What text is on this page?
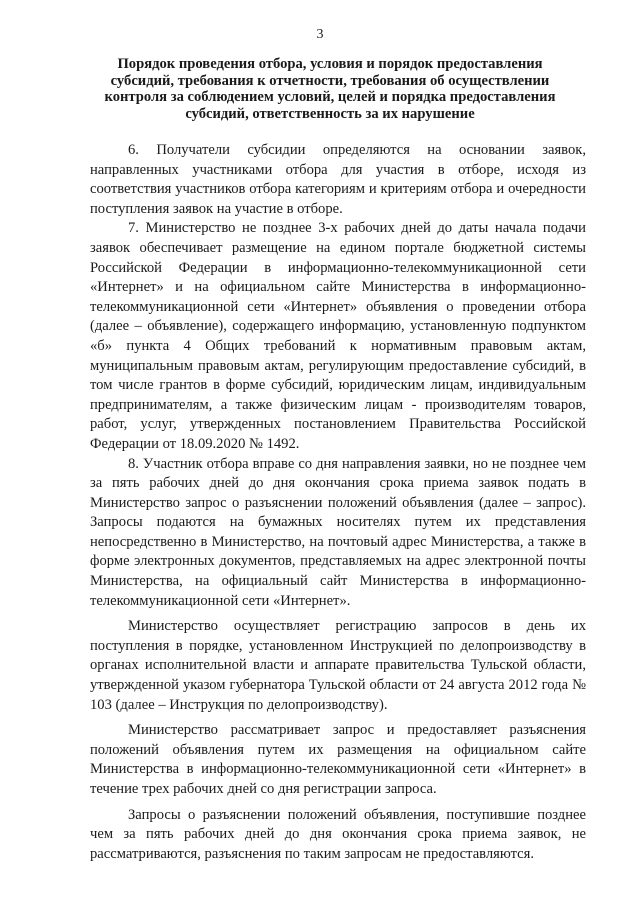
3
Порядок проведения отбора, условия и порядок предоставления субсидий, требования к отчетности, требования об осуществлении контроля за соблюдением условий, целей и порядка предоставления субсидий, ответственность за их нарушение

6. Получатели субсидии определяются на основании заявок, направленных участниками отбора для участия в отборе, исходя из соответствия участников отбора категориям и критериям отбора и очередности поступления заявок на участие в отборе.

7. Министерство не позднее 3-х рабочих дней до даты начала подачи заявок обеспечивает размещение на едином портале бюджетной системы Российской Федерации в информационно-телекоммуникационной сети «Интернет» и на официальном сайте Министерства в информационно-телекоммуникационной сети «Интернет» объявления о проведении отбора (далее – объявление), содержащего информацию, установленную подпунктом «б» пункта 4 Общих требований к нормативным правовым актам, муниципальным правовым актам, регулирующим предоставление субсидий, в том числе грантов в форме субсидий, юридическим лицам, индивидуальным предпринимателям, а также физическим лицам - производителям товаров, работ, услуг, утвержденных постановлением Правительства Российской Федерации от 18.09.2020 № 1492.

8. Участник отбора вправе со дня направления заявки, но не позднее чем за пять рабочих дней до дня окончания срока приема заявок подать в Министерство запрос о разъяснении положений объявления (далее – запрос). Запросы подаются на бумажных носителях путем их представления непосредственно в Министерство, на почтовый адрес Министерства, а также в форме электронных документов, представляемых на адрес электронной почты Министерства, на официальный сайт Министерства в информационно-телекоммуникационной сети «Интернет».

Министерство осуществляет регистрацию запросов в день их поступления в порядке, установленном Инструкцией по делопроизводству в органах исполнительной власти и аппарате правительства Тульской области, утвержденной указом губернатора Тульской области от 24 августа 2012 года № 103 (далее – Инструкция по делопроизводству).

Министерство рассматривает запрос и предоставляет разъяснения положений объявления путем их размещения на официальном сайте Министерства в информационно-телекоммуникационной сети «Интернет» в течение трех рабочих дней со дня регистрации запроса.

Запросы о разъяснении положений объявления, поступившие позднее чем за пять рабочих дней до дня окончания срока приема заявок, не рассматриваются, разъяснения по таким запросам не предоставляются.
